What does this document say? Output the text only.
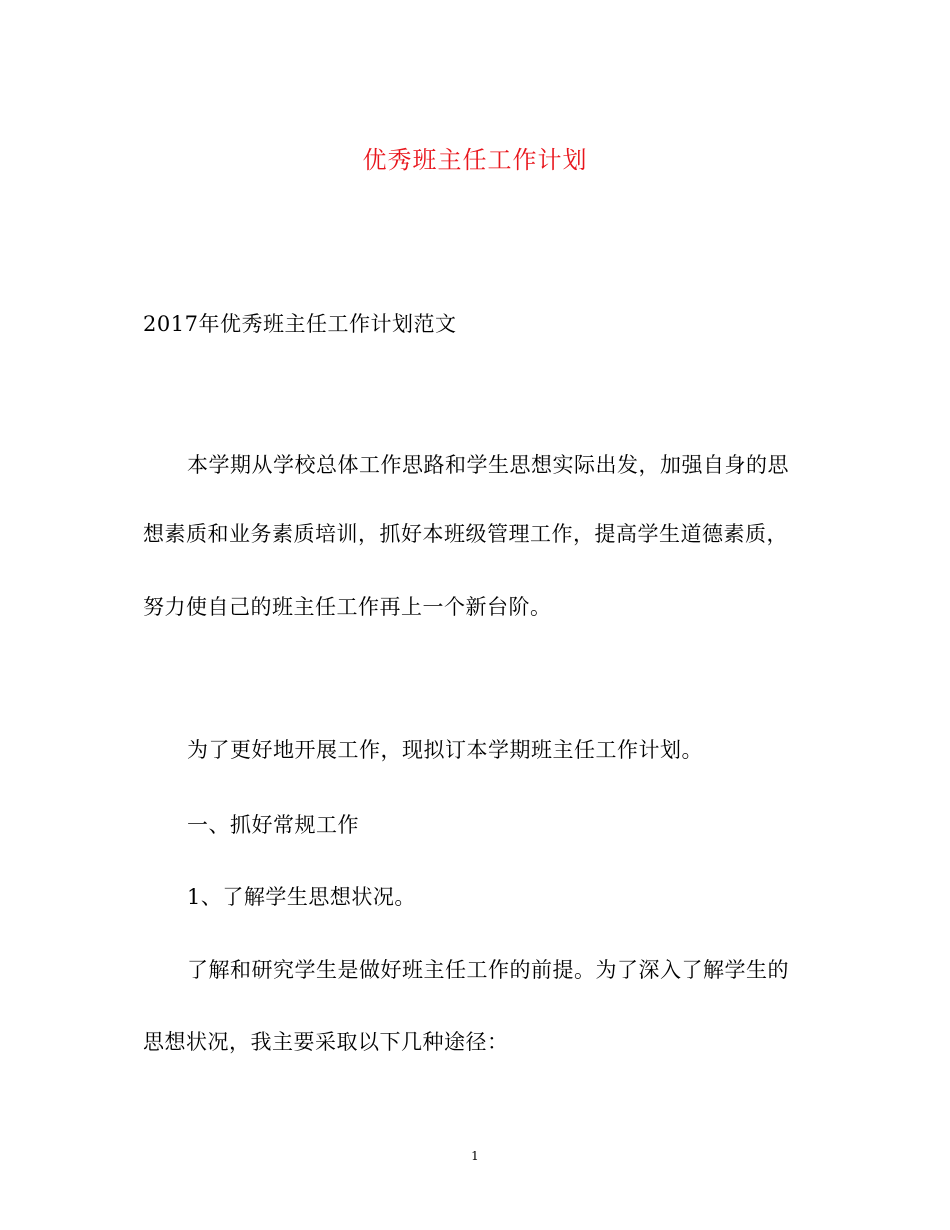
优秀班主任工作计划
2017年优秀班主任工作计划范文
本学期从学校总体工作思路和学生思想实际出发，加强自身的思
想素质和业务素质培训，抓好本班级管理工作，提高学生道德素质，
努力使自己的班主任工作再上一个新台阶。
为了更好地开展工作，现拟订本学期班主任工作计划。
一、抓好常规工作
1、了解学生思想状况。
了解和研究学生是做好班主任工作的前提。为了深入了解学生的
思想状况，我主要采取以下几种途径：
1
